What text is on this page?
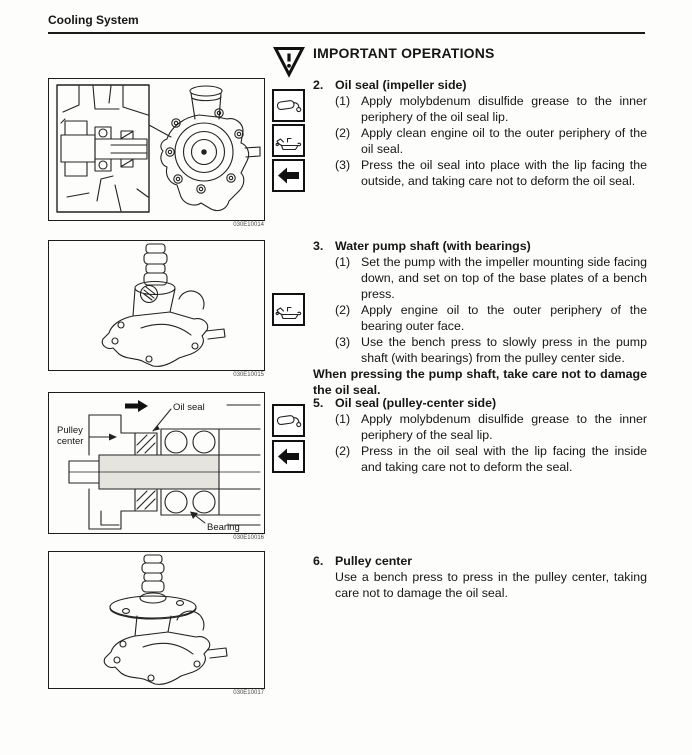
Cooling System
IMPORTANT OPERATIONS
030E10014
2. Oil seal (impeller side)
(1) Apply molybdenum disulfide grease to the inner periphery of the oil seal lip.
(2) Apply clean engine oil to the outer periphery of the oil seal.
(3) Press the oil seal into place with the lip facing the outside, and taking care not to deform the oil seal.
030E10015
3. Water pump shaft (with bearings)
(1) Set the pump with the impeller mounting side facing down, and set on top of the base plates of a bench press.
(2) Apply engine oil to the outer periphery of the bearing outer face.
(3) Use the bench press to slowly press in the pump shaft (with bearings) from the pulley center side.
When pressing the pump shaft, take care not to damage the oil seal.
Oil seal
Pulley
center
Bearing
030E10016
5. Oil seal (pulley-center side)
(1) Apply molybdenum disulfide grease to the inner periphery of the seal lip.
(2) Press in the oil seal with the lip facing the inside and taking care not to deform the seal.
030E10017
6. Pulley center
Use a bench press to press in the pulley center, taking care not to damage the oil seal.
